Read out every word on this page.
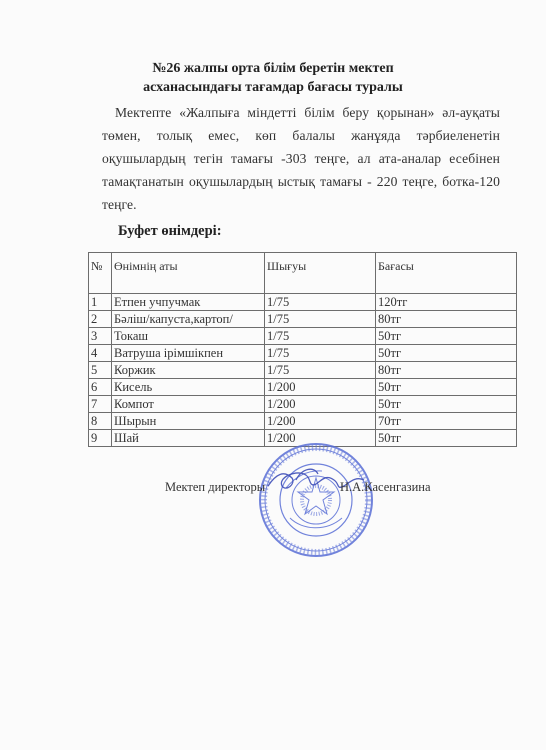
№26 жалпы орта білім беретін мектеп
асханасындағы тағамдар бағасы туралы
Мектепте «Жалпыға міндетті білім беру қорынан» әл-ауқаты
төмен, толық емес, көп балалы жанұяда тәрбиеленетін
оқушылардың тегін тамағы -303 теңге, ал ата-аналар есебінен
тамақтанатын оқушылардың ыстық тамағы - 220 теңге, ботка-120
теңге.
Буфет өнімдері:
№	Өнімнің аты	Шығуы	Бағасы
1	Етпен учпучмак	1/75	120тг
2	Бәліш/капуста,картоп/	1/75	80тг
3	Токаш	1/75	50тг
4	Ватруша ірімшікпен	1/75	50тг
5	Коржик	1/75	80тг
6	Кисель	1/200	50тг
7	Компот	1/200	50тг
8	Шырын	1/200	70тг
9	Шай	1/200	50тг
Мектеп директоры	Н.А.Касенгазина
